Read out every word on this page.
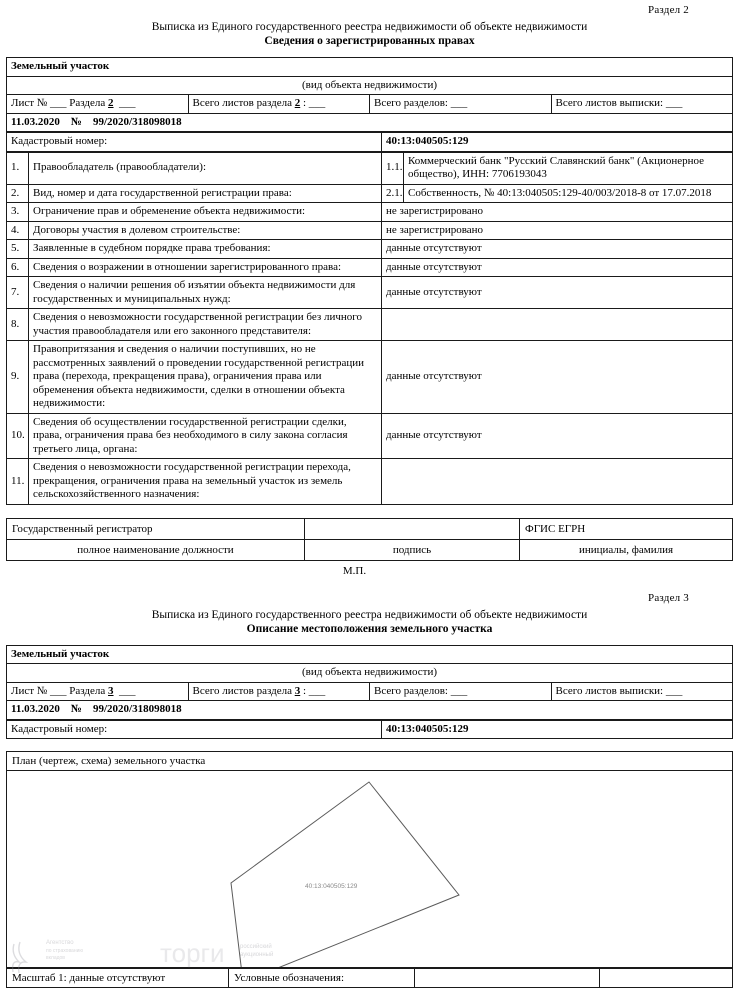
Раздел 2
Выписка из Единого государственного реестра недвижимости об объекте недвижимости
Сведения о зарегистрированных правах
Земельный участок
(вид объекта недвижимости)
Лист № ___ Раздела 2  ___	Всего листов раздела 2 : ___	Всего разделов: ___	Всего листов выписки: ___
11.03.2020 № 99/2020/318098018
Кадастровый номер:	40:13:040505:129
1.	Правообладатель (правообладатели):	1.1.	Коммерческий банк "Русский Славянский банк" (Акционерное общество), ИНН: 7706193043
2.	Вид, номер и дата государственной регистрации права:	2.1.	Собственность, № 40:13:040505:129-40/003/2018-8 от 17.07.2018
3.	Ограничение прав и обременение объекта недвижимости:	не зарегистрировано	
4.	Договоры участия в долевом строительстве:	не зарегистрировано	
5.	Заявленные в судебном порядке права требования:	данные отсутствуют	
6.	Сведения о возражении в отношении зарегистрированного права:	данные отсутствуют	
7.	Сведения о наличии решения об изъятии объекта недвижимости для государственных и муниципальных нужд:	данные отсутствуют	
8.	Сведения о невозможности государственной регистрации без личного участия правообладателя или его законного представителя:		
9.	Правопритязания и сведения о наличии поступивших, но не рассмотренных заявлений о проведении государственной регистрации права (перехода, прекращения права), ограничения права или обременения объекта недвижимости, сделки в отношении объекта недвижимости:	данные отсутствуют	
10.	Сведения об осуществлении государственной регистрации сделки, права, ограничения права без необходимого в силу закона согласия третьего лица, органа:	данные отсутствуют	
11.	Сведения о невозможности государственной регистрации перехода, прекращения, ограничения права на земельный участок из земель сельскохозяйственного назначения:		
Государственный регистратор		ФГИС ЕГРН
полное наименование должности	подпись	инициалы, фамилия
М.П.
Раздел 3
Выписка из Единого государственного реестра недвижимости об объекте недвижимости
Описание местоположения земельного участка
Земельный участок
(вид объекта недвижимости)
Лист № ___ Раздела 3  ___	Всего листов раздела 3 : ___	Всего разделов: ___	Всего листов выписки: ___
11.03.2020 № 99/2020/318098018
Кадастровый номер:	40:13:040505:129
План (чертеж, схема) земельного участка
40:13:040505:129
Масштаб 1: данные отсутствуют	Условные обозначения:		
Агентство
по страхованию
вкладов
российский
аукционный
